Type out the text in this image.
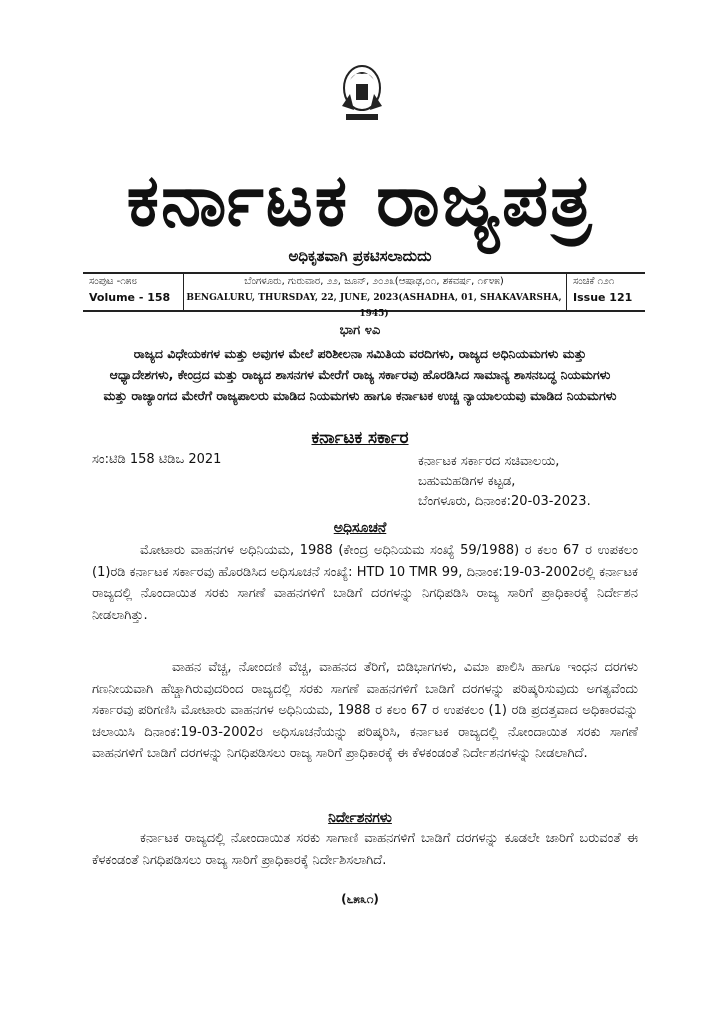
ಕರ್ನಾಟಕ ರಾಜ್ಯಪತ್ರ
ಅಧಿಕೃತವಾಗಿ ಪ್ರಕಟಿಸಲಾದುದು
ಸಂಪುಟ -೧೫೮
Volume - 158
ಬೆಂಗಳೂರು, ಗುರುವಾರ, ೨೨, ಜೂನ್, ೨೦೨೩(ಆಷಾಢ,೦೧, ಶಕವರ್ಷ, ೧೯೪೫)
BENGALURU, THURSDAY, 22, JUNE, 2023(ASHADHA, 01, SHAKAVARSHA, 1945)
ಸಂಚಿಕೆ ೧೨೧
Issue 121
ಭಾಗ ೪ಎ
ರಾಜ್ಯದ ವಿಧೇಯಕಗಳ ಮತ್ತು ಅವುಗಳ ಮೇಲೆ ಪರಿಶೀಲನಾ ಸಮಿತಿಯ ವರದಿಗಳು, ರಾಜ್ಯದ ಅಧಿನಿಯಮಗಳು ಮತ್ತು ಆಧ್ಯಾದೇಶಗಳು, ಕೇಂದ್ರದ ಮತ್ತು ರಾಜ್ಯದ ಶಾಸನಗಳ ಮೇರೆಗೆ ರಾಜ್ಯ ಸರ್ಕಾರವು ಹೊರಡಿಸಿದ ಸಾಮಾನ್ಯ ಶಾಸನಬದ್ಧ ನಿಯಮಗಳು ಮತ್ತು ರಾಜ್ಯಾಂಗದ ಮೇರೆಗೆ ರಾಜ್ಯಪಾಲರು ಮಾಡಿದ ನಿಯಮಗಳು ಹಾಗೂ ಕರ್ನಾಟಕ ಉಚ್ಚ ನ್ಯಾಯಾಲಯವು ಮಾಡಿದ ನಿಯಮಗಳು
ಕರ್ನಾಟಕ ಸರ್ಕಾರ
ಸಂ:ಟಿಡಿ 158 ಟಿಡಿಒ 2021	ಕರ್ನಾಟಕ ಸರ್ಕಾರದ ಸಚಿವಾಲಯ,
ಬಹುಮಹಡಿಗಳ ಕಟ್ಟಡ,
ಬೆಂಗಳೂರು, ದಿನಾಂಕ:20-03-2023.
ಅಧಿಸೂಚನೆ
ಮೋಟಾರು ವಾಹನಗಳ ಅಧಿನಿಯಮ, 1988 (ಕೇಂದ್ರ ಅಧಿನಿಯಮ ಸಂಖ್ಯೆ 59/1988) ರ ಕಲಂ 67 ರ ಉಪಕಲಂ (1)ರಡಿ ಕರ್ನಾಟಕ ಸರ್ಕಾರವು ಹೊರಡಿಸಿದ ಅಧಿಸೂಚನೆ ಸಂಖ್ಯೆ: HTD 10 TMR 99, ದಿನಾಂಕ:19-03-2002ರಲ್ಲಿ ಕರ್ನಾಟಕ ರಾಜ್ಯದಲ್ಲಿ ನೊಂದಾಯಿತ ಸರಕು ಸಾಗಣೆ ವಾಹನಗಳಿಗೆ ಬಾಡಿಗೆ ದರಗಳನ್ನು ನಿಗಧಿಪಡಿಸಿ ರಾಜ್ಯ ಸಾರಿಗೆ ಪ್ರಾಧಿಕಾರಕ್ಕೆ ನಿರ್ದೇಶನ ನೀಡಲಾಗಿತ್ತು.
ವಾಹನ ವೆಚ್ಚ, ನೋಂದಣಿ ವೆಚ್ಚ, ವಾಹನದ ತೆರಿಗೆ, ಬಿಡಿಭಾಗಗಳು, ವಿಮಾ ಪಾಲಿಸಿ ಹಾಗೂ ಇಂಧನ ದರಗಳು ಗಣನೀಯವಾಗಿ ಹೆಚ್ಚಾಗಿರುವುದರಿಂದ ರಾಜ್ಯದಲ್ಲಿ ಸರಕು ಸಾಗಣೆ ವಾಹನಗಳಿಗೆ ಬಾಡಿಗೆ ದರಗಳನ್ನು ಪರಿಷ್ಕರಿಸುವುದು ಅಗತ್ಯವೆಂದು ಸರ್ಕಾರವು ಪರಿಗಣಿಸಿ ಮೋಟಾರು ವಾಹನಗಳ ಅಧಿನಿಯಮ, 1988 ರ ಕಲಂ 67 ರ ಉಪಕಲಂ (1) ರಡಿ ಪ್ರದತ್ತವಾದ ಅಧಿಕಾರವನ್ನು ಚಲಾಯಿಸಿ ದಿನಾಂಕ:19-03-2002ರ ಅಧಿಸೂಚನೆಯನ್ನು ಪರಿಷ್ಕರಿಸಿ, ಕರ್ನಾಟಕ ರಾಜ್ಯದಲ್ಲಿ ನೋಂದಾಯಿತ ಸರಕು ಸಾಗಣೆ ವಾಹನಗಳಿಗೆ ಬಾಡಿಗೆ ದರಗಳನ್ನು ನಿಗಧಿಪಡಿಸಲು ರಾಜ್ಯ ಸಾರಿಗೆ ಪ್ರಾಧಿಕಾರಕ್ಕೆ ಈ ಕೆಳಕಂಡಂತೆ ನಿರ್ದೇಶನಗಳನ್ನು ನೀಡಲಾಗಿದೆ.
ನಿರ್ದೇಶನಗಳು
ಕರ್ನಾಟಕ ರಾಜ್ಯದಲ್ಲಿ ನೋಂದಾಯಿತ ಸರಕು ಸಾಗಾಣಿ ವಾಹನಗಳಿಗೆ ಬಾಡಿಗೆ ದರಗಳನ್ನು ಕೂಡಲೇ ಜಾರಿಗೆ ಬರುವಂತೆ ಈ ಕೆಳಕಂಡಂತೆ ನಿಗಧಿಪಡಿಸಲು ರಾಜ್ಯ ಸಾರಿಗೆ ಪ್ರಾಧಿಕಾರಕ್ಕೆ ನಿರ್ದೇಶಿಸಲಾಗಿದೆ.
(೬೫೩೧)
